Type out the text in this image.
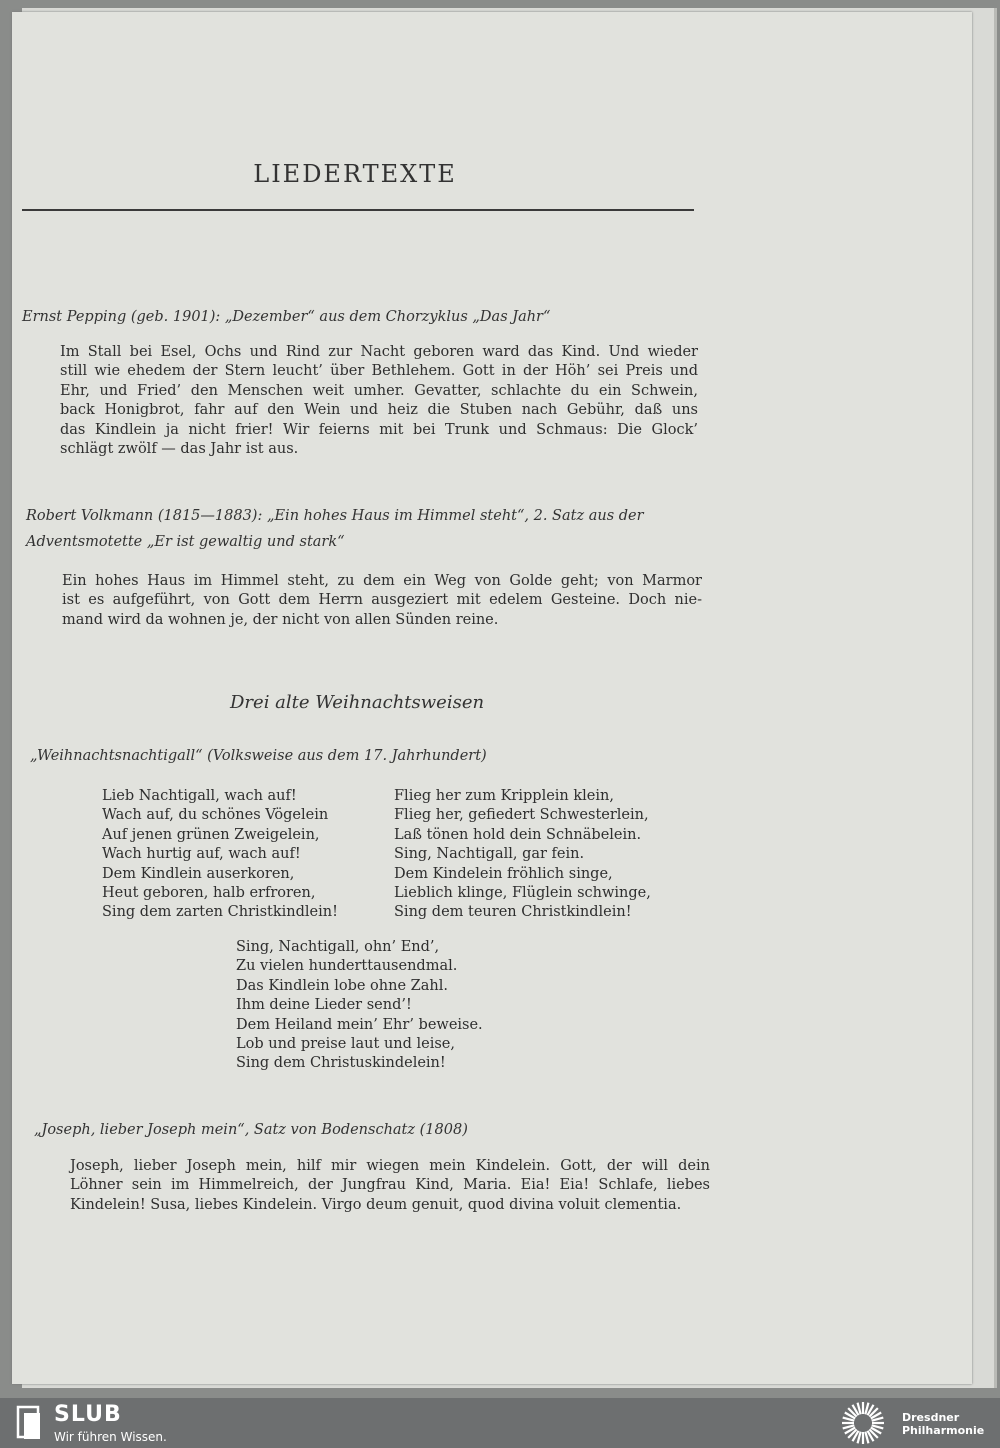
LIEDERTEXTE
Ernst Pepping (geb. 1901): „Dezember“ aus dem Chorzyklus „Das Jahr“
Im Stall bei Esel, Ochs und Rind zur Nacht geboren ward das Kind. Und wieder
still wie ehedem der Stern leucht’ über Bethlehem. Gott in der Höh’ sei Preis und
Ehr, und Fried’ den Menschen weit umher. Gevatter, schlachte du ein Schwein,
back Honigbrot, fahr auf den Wein und heiz die Stuben nach Gebühr, daß uns
das Kindlein ja nicht frier! Wir feierns mit bei Trunk und Schmaus: Die Glock’
schlägt zwölf — das Jahr ist aus.
Robert Volkmann (1815—1883): „Ein hohes Haus im Himmel steht“, 2. Satz aus der
Adventsmotette „Er ist gewaltig und stark“
Ein hohes Haus im Himmel steht, zu dem ein Weg von Golde geht; von Marmor
ist es aufgeführt, von Gott dem Herrn ausgeziert mit edelem Gesteine. Doch nie-
mand wird da wohnen je, der nicht von allen Sünden reine.
Drei alte Weihnachtsweisen
„Weihnachtsnachtigall“ (Volksweise aus dem 17. Jahrhundert)
Lieb Nachtigall, wach auf!
Wach auf, du schönes Vögelein
Auf jenen grünen Zweigelein,
Wach hurtig auf, wach auf!
Dem Kindlein auserkoren,
Heut geboren, halb erfroren,
Sing dem zarten Christkindlein!
Flieg her zum Kripplein klein,
Flieg her, gefiedert Schwesterlein,
Laß tönen hold dein Schnäbelein.
Sing, Nachtigall, gar fein.
Dem Kindelein fröhlich singe,
Lieblich klinge, Flüglein schwinge,
Sing dem teuren Christkindlein!
Sing, Nachtigall, ohn’ End’,
Zu vielen hunderttausendmal.
Das Kindlein lobe ohne Zahl.
Ihm deine Lieder send’!
Dem Heiland mein’ Ehr’ beweise.
Lob und preise laut und leise,
Sing dem Christuskindelein!
„Joseph, lieber Joseph mein“, Satz von Bodenschatz (1808)
Joseph, lieber Joseph mein, hilf mir wiegen mein Kindelein. Gott, der will dein
Löhner sein im Himmelreich, der Jungfrau Kind, Maria. Eia! Eia! Schlafe, liebes
Kindelein! Susa, liebes Kindelein. Virgo deum genuit, quod divina voluit clementia.
SLUB
Wir führen Wissen.
Dresdner
Philharmonie
